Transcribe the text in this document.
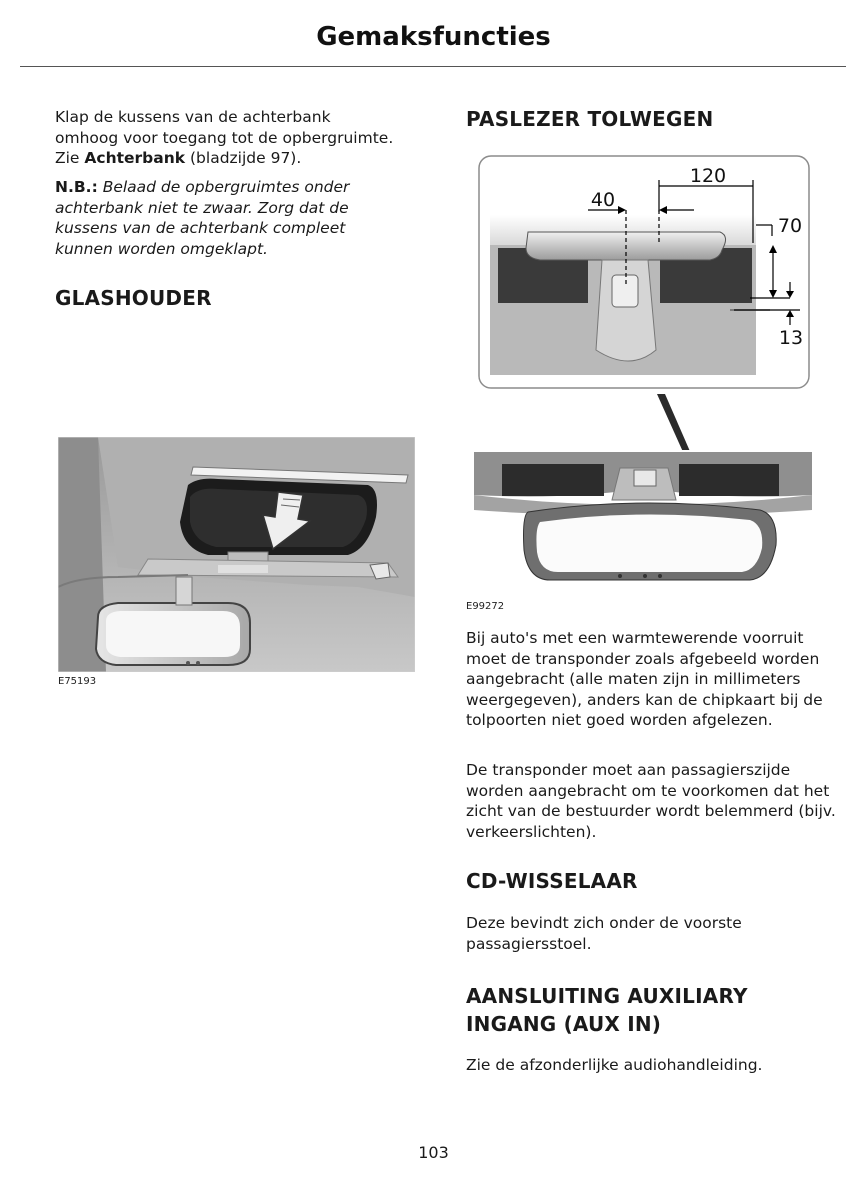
Gemaksfuncties

Klap de kussens van de achterbank
omhoog voor toegang tot de opbergruimte.
Zie Achterbank (bladzijde 97).

N.B.: Belaad de opbergruimtes onder achterbank niet te zwaar. Zorg dat de kussens van de achterbank compleet kunnen worden omgeklapt.

GLASHOUDER
E75193
PASLEZER TOLWEGEN
120
40
70
13
E99272

Bij auto's met een warmtewerende voorruit moet de transponder zoals afgebeeld worden aangebracht (alle maten zijn in millimeters weergegeven), anders kan de chipkaart bij de tolpoorten niet goed worden afgelezen.

De transponder moet aan passagierszijde worden aangebracht om te voorkomen dat het zicht van de bestuurder wordt belemmerd (bijv. verkeerslichten).

CD-WISSELAAR

Deze bevindt zich onder de voorste passagiersstoel.

AANSLUITING AUXILIARY
INGANG (AUX IN)

Zie de afzonderlijke audiohandleiding.

103
